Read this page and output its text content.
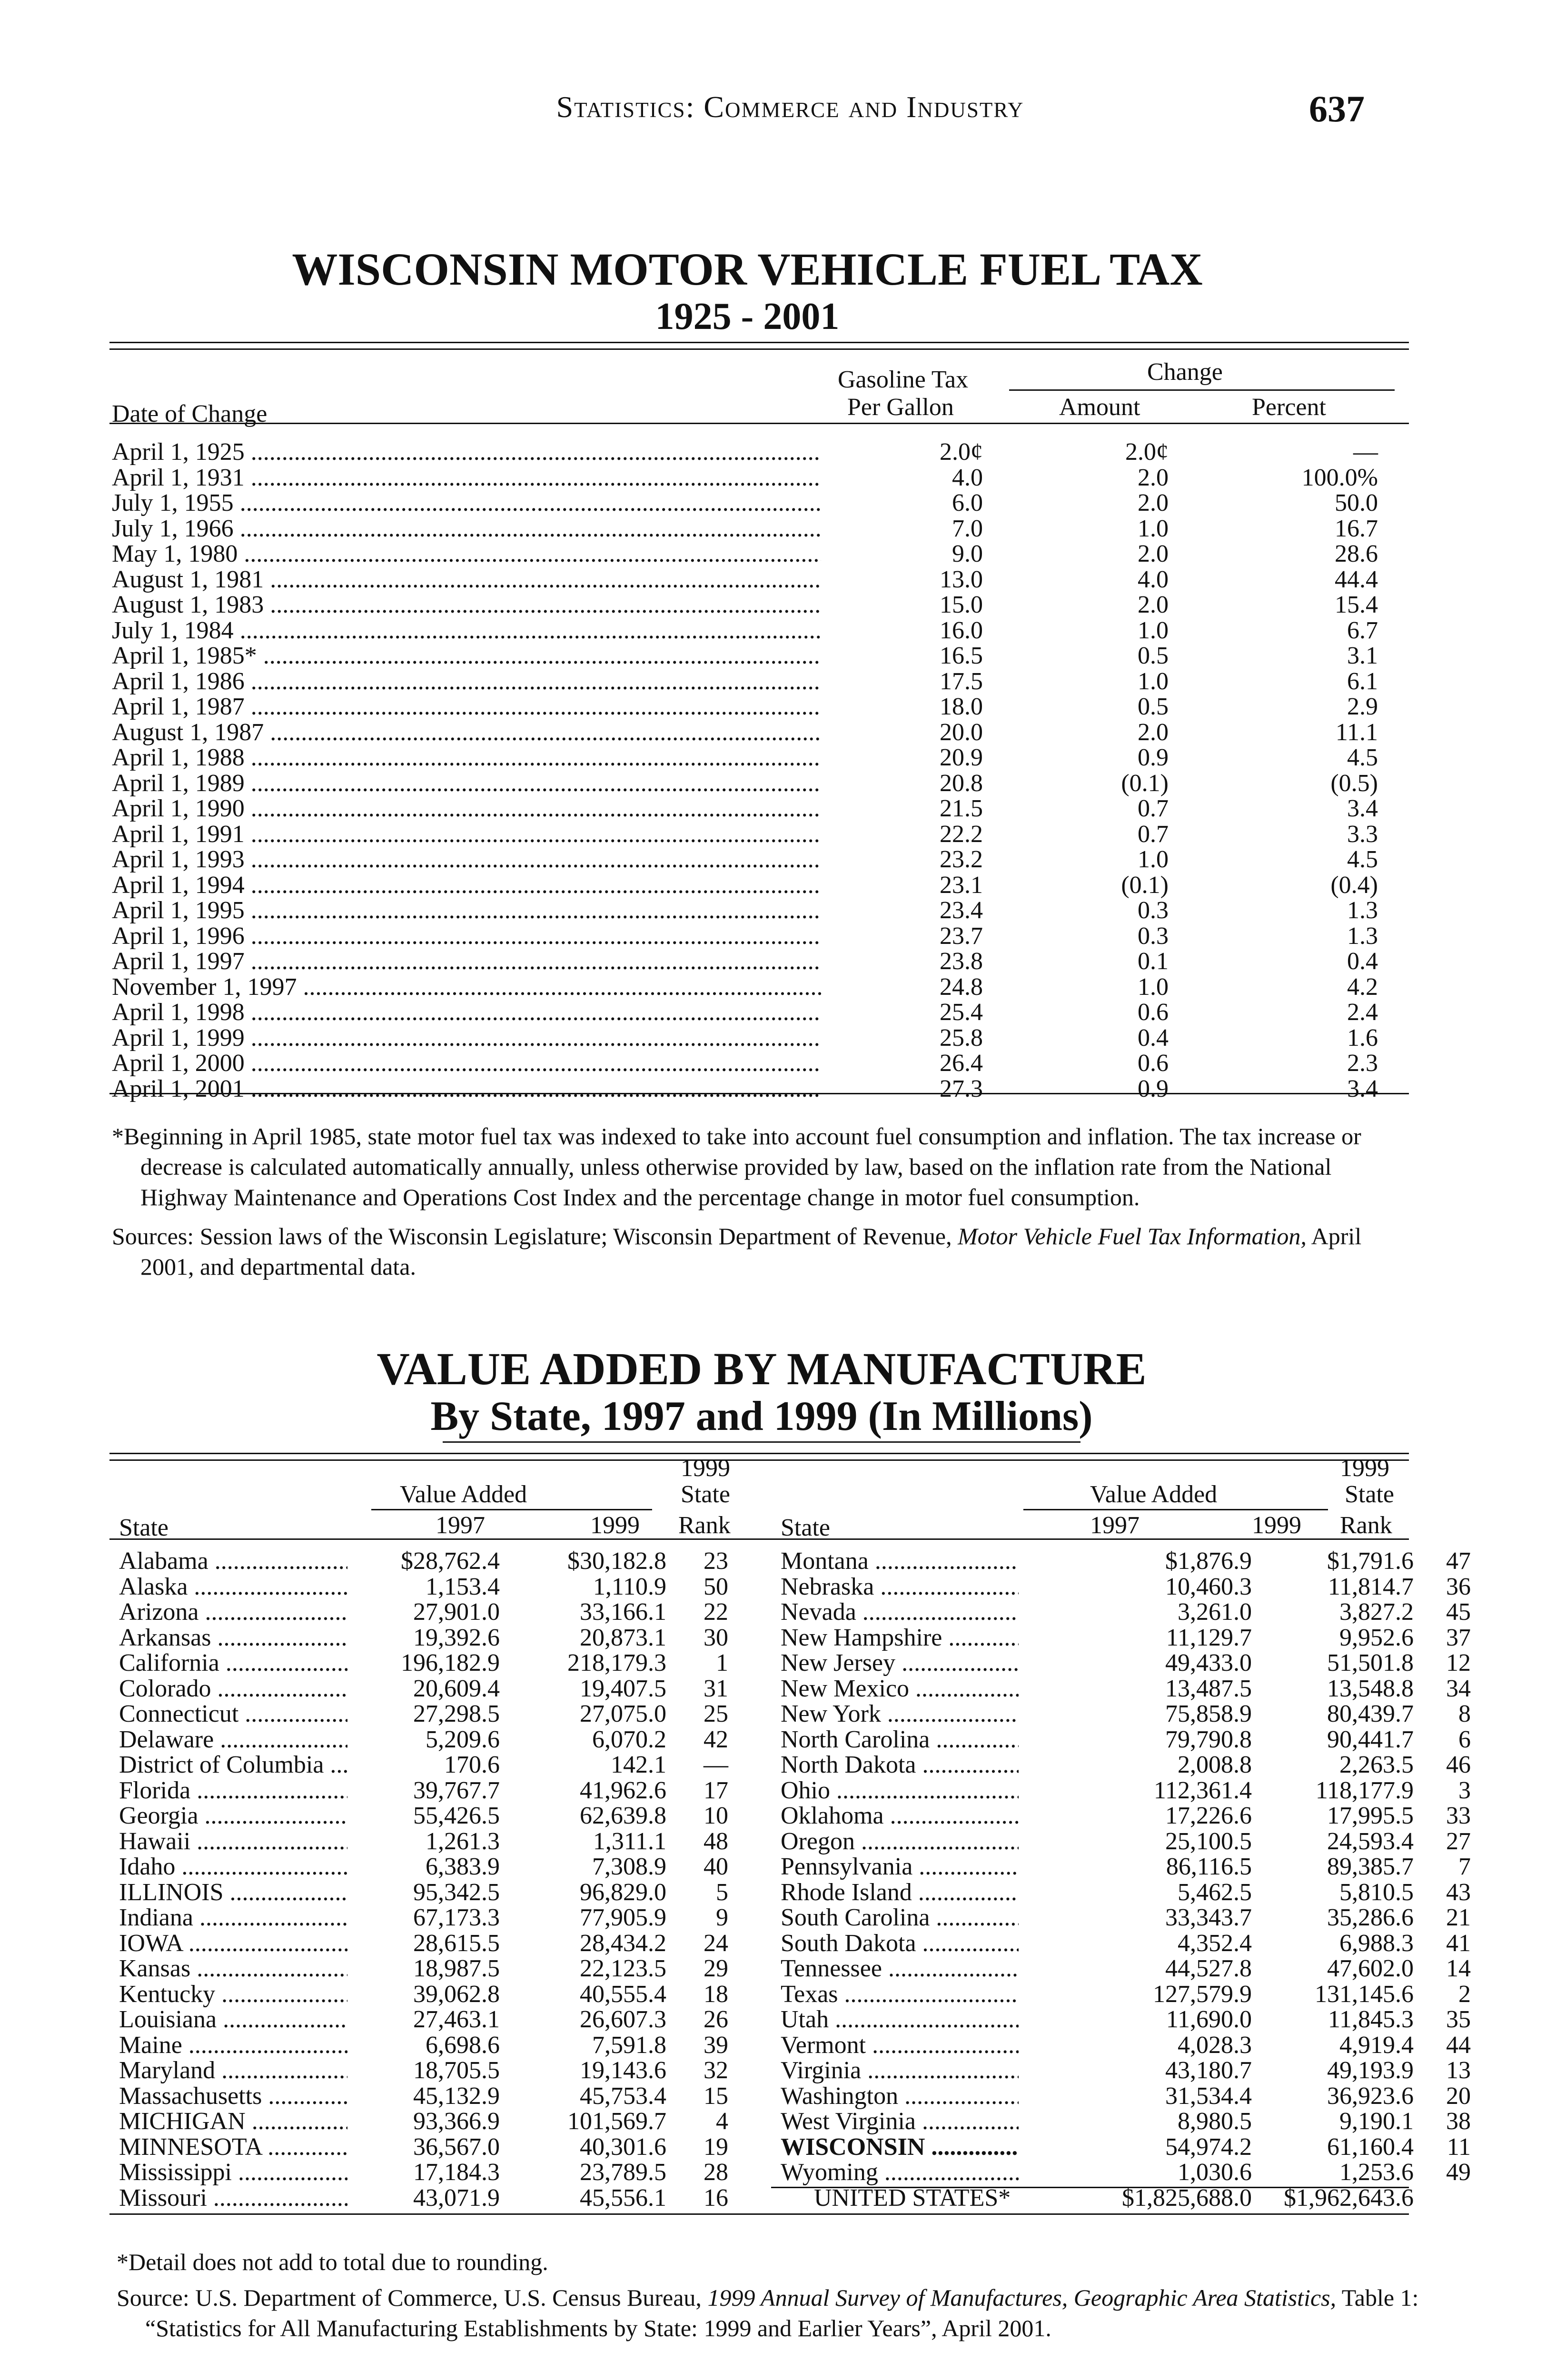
Statistics: Commerce and Industry	637
WISCONSIN MOTOR VEHICLE FUEL TAX
1925 - 2001
Gasoline Tax	Change
Date of Change	Per Gallon	Amount	Percent
April 1, 1925 .....	2.0¢	2.0¢	—
April 1, 1931 .....	4.0	2.0	100.0%
July 1, 1955 .....	6.0	2.0	50.0
July 1, 1966 .....	7.0	1.0	16.7
May 1, 1980 .....	9.0	2.0	28.6
August 1, 1981 .....	13.0	4.0	44.4
August 1, 1983 .....	15.0	2.0	15.4
July 1, 1984 .....	16.0	1.0	6.7
April 1, 1985* .....	16.5	0.5	3.1
April 1, 1986 .....	17.5	1.0	6.1
April 1, 1987 .....	18.0	0.5	2.9
August 1, 1987 .....	20.0	2.0	11.1
April 1, 1988 .....	20.9	0.9	4.5
April 1, 1989 .....	20.8	(0.1)	(0.5)
April 1, 1990 .....	21.5	0.7	3.4
April 1, 1991 .....	22.2	0.7	3.3
April 1, 1993 .....	23.2	1.0	4.5
April 1, 1994 .....	23.1	(0.1)	(0.4)
April 1, 1995 .....	23.4	0.3	1.3
April 1, 1996 .....	23.7	0.3	1.3
April 1, 1997 .....	23.8	0.1	0.4
November 1, 1997 .....	24.8	1.0	4.2
April 1, 1998 .....	25.4	0.6	2.4
April 1, 1999 .....	25.8	0.4	1.6
April 1, 2000 .....	26.4	0.6	2.3
April 1, 2001 .....	27.3	0.9	3.4
*Beginning in April 1985, state motor fuel tax was indexed to take into account fuel consumption and inflation. The tax increase or decrease is calculated automatically annually, unless otherwise provided by law, based on the inflation rate from the National Highway Maintenance and Operations Cost Index and the percentage change in motor fuel consumption.
Sources: Session laws of the Wisconsin Legislature; Wisconsin Department of Revenue, Motor Vehicle Fuel Tax Information, April 2001, and departmental data.
VALUE ADDED BY MANUFACTURE
By State, 1997 and 1999 (In Millions)
1999
Value Added	State
State	1997	1999 Rank
1999
Value Added	State
State	1997	1999 Rank
Alabama .....	$28,762.4	$30,182.8	23
Alaska .....	1,153.4	1,110.9	50
Arizona .....	27,901.0	33,166.1	22
Arkansas .....	19,392.6	20,873.1	30
California .....	196,182.9	218,179.3	1
Colorado .....	20,609.4	19,407.5	31
Connecticut .....	27,298.5	27,075.0	25
Delaware .....	5,209.6	6,070.2	42
District of Columbia .....	170.6	142.1	—
Florida .....	39,767.7	41,962.6	17
Georgia .....	55,426.5	62,639.8	10
Hawaii .....	1,261.3	1,311.1	48
Idaho .....	6,383.9	7,308.9	40
ILLINOIS .....	95,342.5	96,829.0	5
Indiana .....	67,173.3	77,905.9	9
IOWA .....	28,615.5	28,434.2	24
Kansas .....	18,987.5	22,123.5	29
Kentucky .....	39,062.8	40,555.4	18
Louisiana .....	27,463.1	26,607.3	26
Maine .....	6,698.6	7,591.8	39
Maryland .....	18,705.5	19,143.6	32
Massachusetts .....	45,132.9	45,753.4	15
MICHIGAN .....	93,366.9	101,569.7	4
MINNESOTA .....	36,567.0	40,301.6	19
Mississippi .....	17,184.3	23,789.5	28
Missouri .....	43,071.9	45,556.1	16
Montana .....	$1,876.9	$1,791.6	47
Nebraska .....	10,460.3	11,814.7	36
Nevada .....	3,261.0	3,827.2	45
New Hampshire .....	11,129.7	9,952.6	37
New Jersey .....	49,433.0	51,501.8	12
New Mexico .....	13,487.5	13,548.8	34
New York .....	75,858.9	80,439.7	8
North Carolina .....	79,790.8	90,441.7	6
North Dakota .....	2,008.8	2,263.5	46
Ohio .....	112,361.4	118,177.9	3
Oklahoma .....	17,226.6	17,995.5	33
Oregon .....	25,100.5	24,593.4	27
Pennsylvania .....	86,116.5	89,385.7	7
Rhode Island .....	5,462.5	5,810.5	43
South Carolina .....	33,343.7	35,286.6	21
South Dakota .....	4,352.4	6,988.3	41
Tennessee .....	44,527.8	47,602.0	14
Texas .....	127,579.9	131,145.6	2
Utah .....	11,690.0	11,845.3	35
Vermont .....	4,028.3	4,919.4	44
Virginia .....	43,180.7	49,193.9	13
Washington .....	31,534.4	36,923.6	20
West Virginia .....	8,980.5	9,190.1	38
WISCONSIN .....	54,974.2	61,160.4	11
Wyoming .....	1,030.6	1,253.6	49
UNITED STATES*	$1,825,688.0	$1,962,643.6
*Detail does not add to total due to rounding.
Source: U.S. Department of Commerce, U.S. Census Bureau, 1999 Annual Survey of Manufactures, Geographic Area Statistics, Table 1: “Statistics for All Manufacturing Establishments by State: 1999 and Earlier Years”, April 2001.
